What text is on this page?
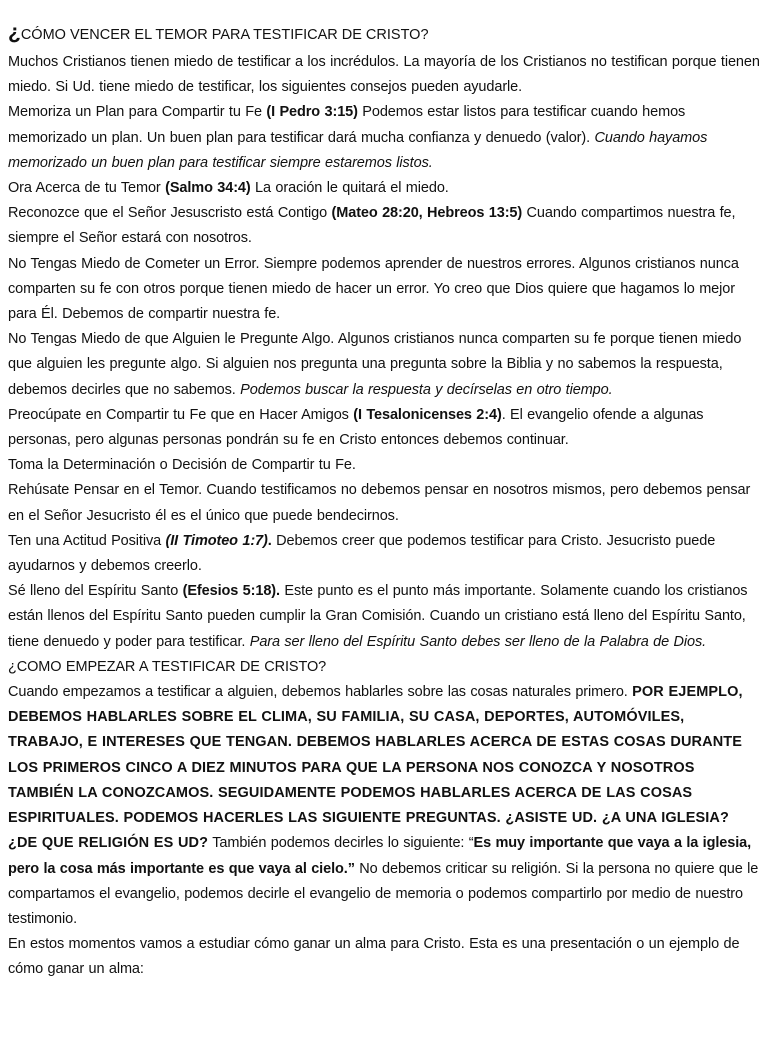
¿CÓMO VENCER EL TEMOR PARA TESTIFICAR DE CRISTO?

Muchos Cristianos tienen miedo de testificar a los incrédulos. La mayoría de los Cristianos no testifican porque tienen miedo. Si Ud. tiene miedo de testificar, los siguientes consejos pueden ayudarle.

Memoriza un Plan para Compartir tu Fe (I Pedro 3:15) Podemos estar listos para testificar cuando hemos memorizado un plan. Un buen plan para testificar dará mucha confianza y denuedo (valor). Cuando hayamos memorizado un buen plan para testificar siempre estaremos listos.

Ora Acerca de tu Temor (Salmo 34:4) La oración le quitará el miedo.

Reconozce que el Señor Jesuscristo está Contigo (Mateo 28:20, Hebreos 13:5) Cuando compartimos nuestra fe, siempre el Señor estará con nosotros.

No Tengas Miedo de Cometer un Error. Siempre podemos aprender de nuestros errores. Algunos cristianos nunca comparten su fe con otros porque tienen miedo de hacer un error. Yo creo que Dios quiere que hagamos lo mejor para Él. Debemos de compartir nuestra fe.

No Tengas Miedo de que Alguien le Pregunte Algo. Algunos cristianos nunca comparten su fe porque tienen miedo que alguien les pregunte algo. Si alguien nos pregunta una pregunta sobre la Biblia y no sabemos la respuesta, debemos decirles que no sabemos. Podemos buscar la respuesta y decírselas en otro tiempo.

Preocúpate en Compartir tu Fe que en Hacer Amigos (I Tesalonicenses 2:4). El evangelio ofende a algunas personas, pero algunas personas pondrán su fe en Cristo entonces debemos continuar.

Toma la Determinación o Decisión de Compartir tu Fe.

Rehúsate Pensar en el Temor. Cuando testificamos no debemos pensar en nosotros mismos, pero debemos pensar en el Señor Jesucristo él es el único que puede bendecirnos.

Ten una Actitud Positiva (II Timoteo 1:7). Debemos creer que podemos testificar para Cristo. Jesucristo puede ayudarnos y debemos creerlo.

Sé lleno del Espíritu Santo (Efesios 5:18). Este punto es el punto más importante. Solamente cuando los cristianos están llenos del Espíritu Santo pueden cumplir la Gran Comisión. Cuando un cristiano está lleno del Espíritu Santo, tiene denuedo y poder para testificar. Para ser lleno del Espíritu Santo debes ser lleno de la Palabra de Dios.

¿COMO EMPEZAR A TESTIFICAR DE CRISTO?

Cuando empezamos a testificar a alguien, debemos hablarles sobre las cosas naturales primero. POR EJEMPLO, DEBEMOS HABLARLES SOBRE EL CLIMA, SU FAMILIA, SU CASA, DEPORTES, AUTOMÓVILES, TRABAJO, E INTERESES QUE TENGAN. DEBEMOS HABLARLES ACERCA DE ESTAS COSAS DURANTE LOS PRIMEROS CINCO A DIEZ MINUTOS PARA QUE LA PERSONA NOS CONOZCA Y NOSOTROS TAMBIÉN LA CONOZCAMOS. SEGUIDAMENTE PODEMOS HABLARLES ACERCA DE LAS COSAS ESPIRITUALES. PODEMOS HACERLES LAS SIGUIENTE PREGUNTAS. ¿ASISTE UD. ¿A UNA IGLESIA? ¿DE QUE RELIGIÓN ES UD? También podemos decirles lo siguiente: “Es muy importante que vaya a la iglesia, pero la cosa más importante es que vaya al cielo.” No debemos criticar su religión. Si la persona no quiere que le compartamos el evangelio, podemos decirle el evangelio de memoria o podemos compartirlo por medio de nuestro testimonio.

En estos momentos vamos a estudiar cómo ganar un alma para Cristo. Esta es una presentación o un ejemplo de cómo ganar un alma:
